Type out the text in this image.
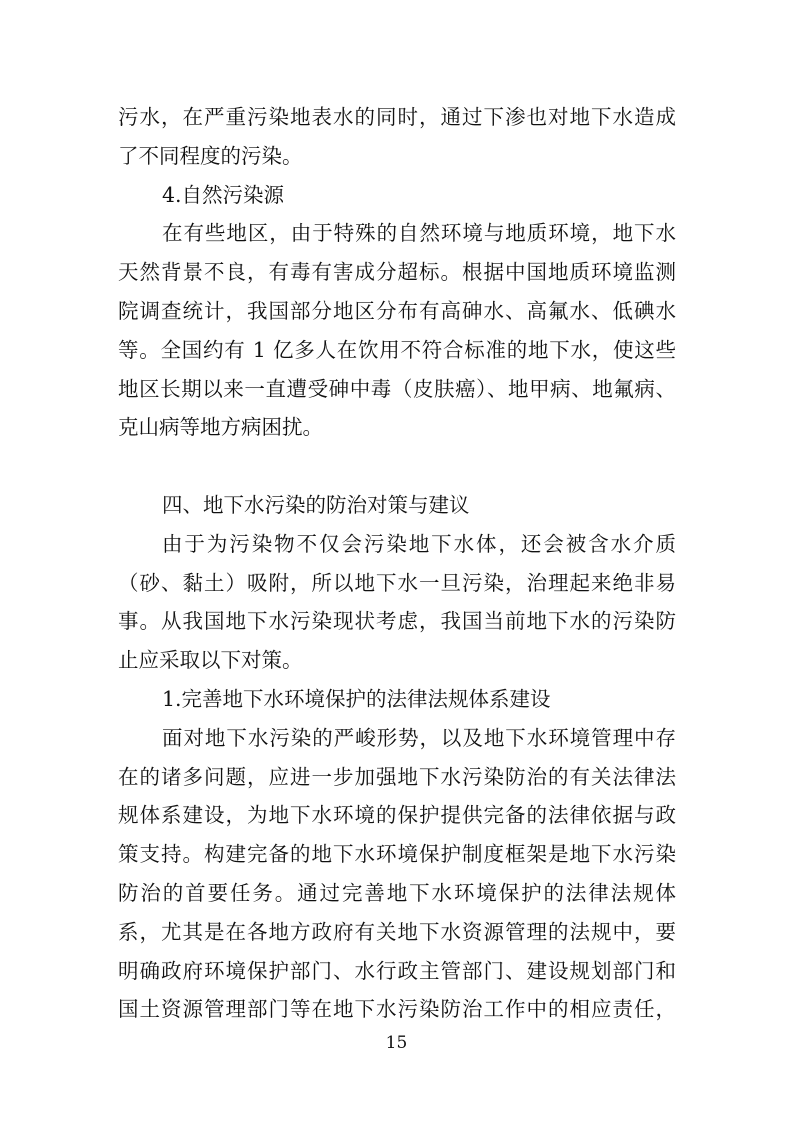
污水，在严重污染地表水的同时，通过下渗也对地下水造成
了不同程度的污染。
4.自然污染源
在有些地区，由于特殊的自然环境与地质环境，地下水
天然背景不良，有毒有害成分超标。根据中国地质环境监测
院调查统计，我国部分地区分布有高砷水、高氟水、低碘水
等。全国约有 1 亿多人在饮用不符合标准的地下水，使这些
地区长期以来一直遭受砷中毒（皮肤癌）、地甲病、地氟病、
克山病等地方病困扰。
四、地下水污染的防治对策与建议
由于为污染物不仅会污染地下水体，还会被含水介质
（砂、黏土）吸附，所以地下水一旦污染，治理起来绝非易
事。从我国地下水污染现状考虑，我国当前地下水的污染防
止应采取以下对策。
1.完善地下水环境保护的法律法规体系建设
面对地下水污染的严峻形势，以及地下水环境管理中存
在的诸多问题，应进一步加强地下水污染防治的有关法律法
规体系建设，为地下水环境的保护提供完备的法律依据与政
策支持。构建完备的地下水环境保护制度框架是地下水污染
防治的首要任务。通过完善地下水环境保护的法律法规体
系，尤其是在各地方政府有关地下水资源管理的法规中，要
明确政府环境保护部门、水行政主管部门、建设规划部门和
国土资源管理部门等在地下水污染防治工作中的相应责任，
15
